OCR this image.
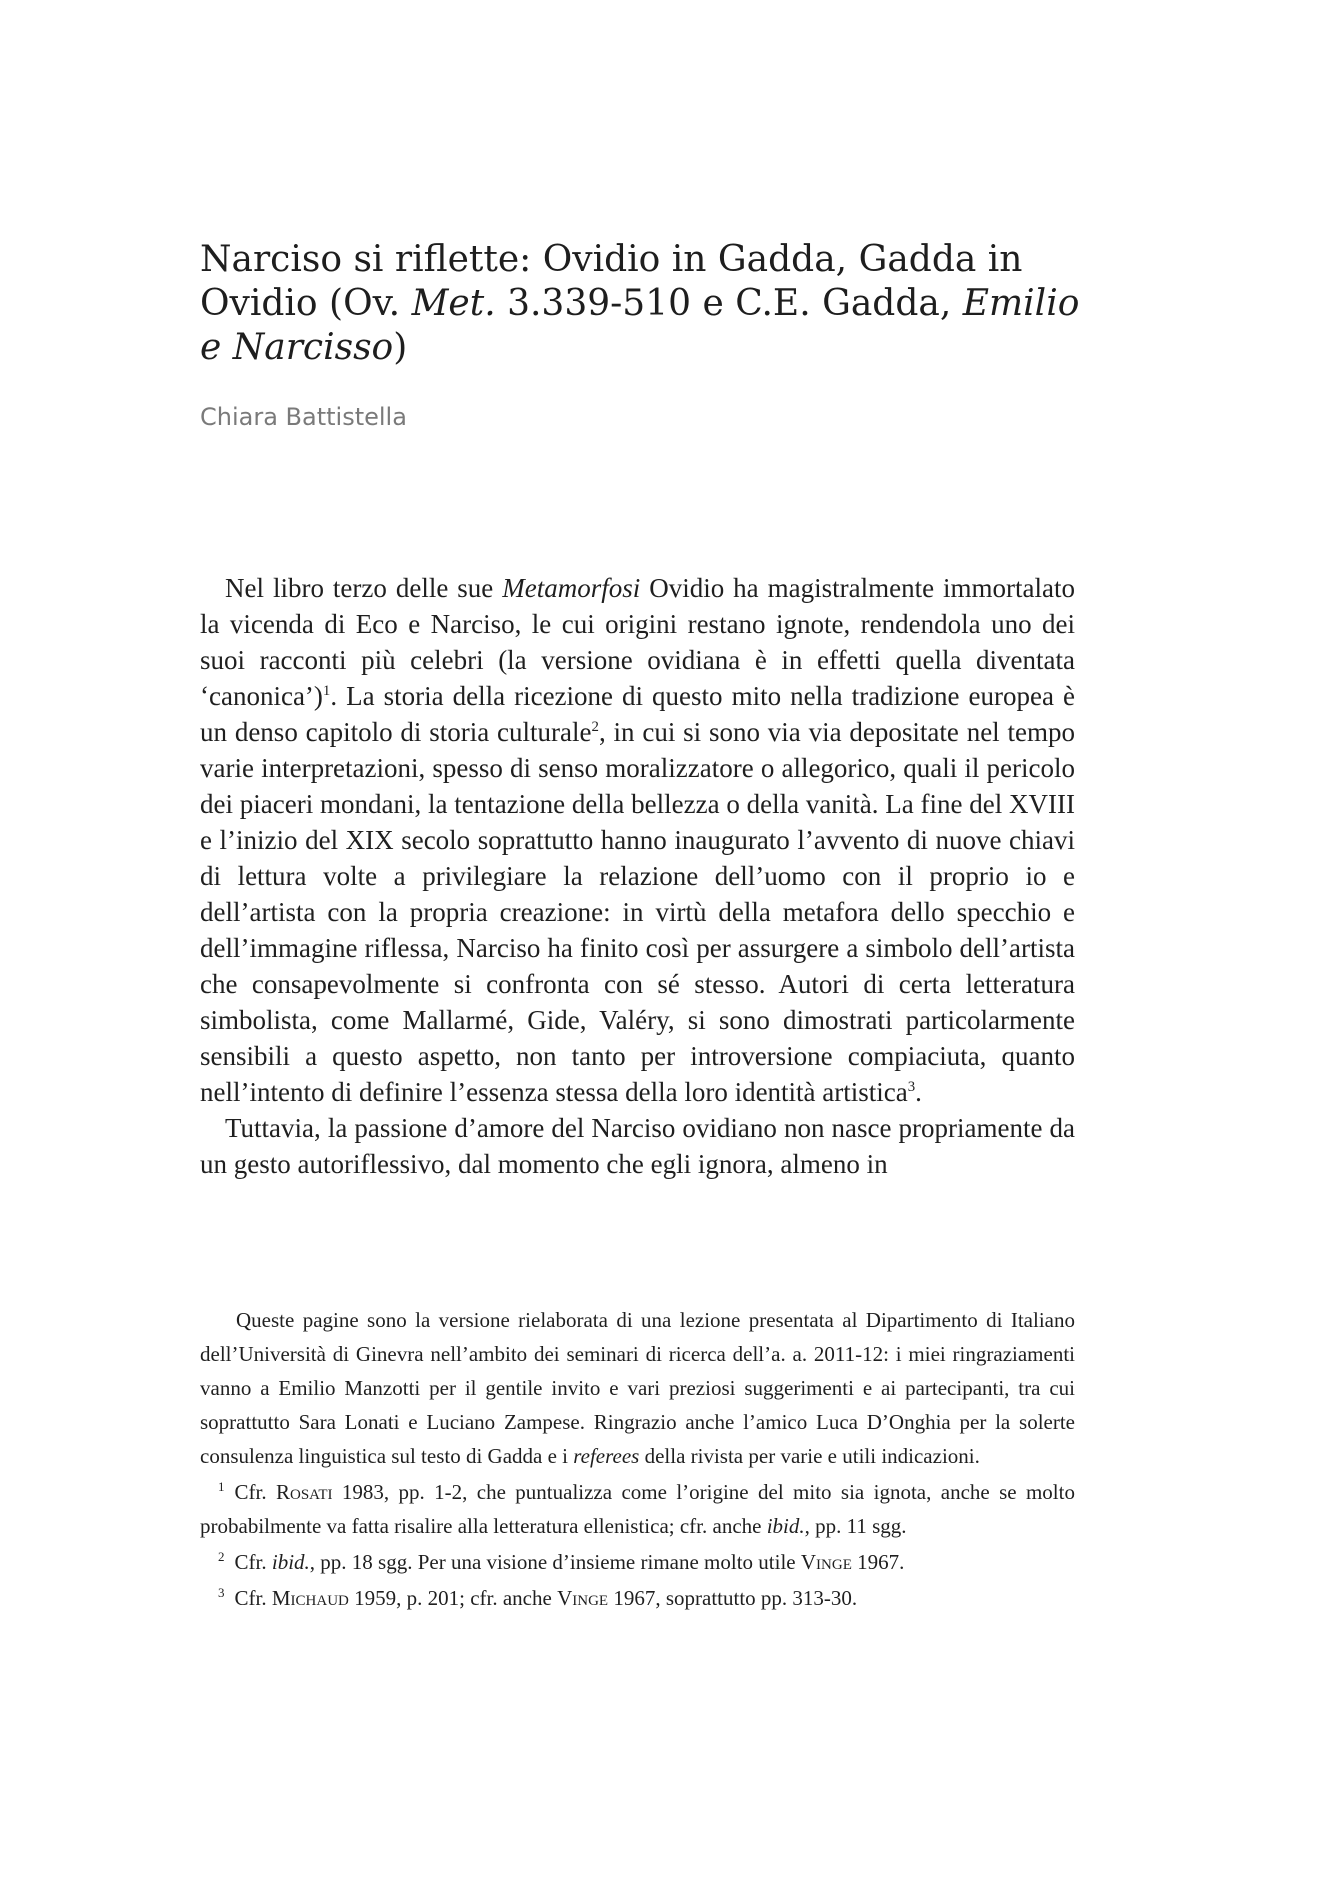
Narciso si riflette: Ovidio in Gadda, Gadda in Ovidio (Ov. Met. 3.339-510 e C.E. Gadda, Emilio e Narcisso)
Chiara Battistella

Nel libro terzo delle sue Metamorfosi Ovidio ha magistralmente immortalato la vicenda di Eco e Narciso, le cui origini restano ignote, rendendola uno dei suoi racconti più celebri (la versione ovidiana è in effetti quella diventata ‘canonica’)$^1$. La storia della ricezione di questo mito nella tradizione europea è un denso capitolo di storia culturale$^2$, in cui si sono via via depositate nel tempo varie interpretazioni, spesso di senso moralizzatore o allegorico, quali il pericolo dei piaceri mondani, la tentazione della bellezza o della vanità. La fine del XVIII e l’inizio del XIX secolo soprattutto hanno inaugurato l’avvento di nuove chiavi di lettura volte a privilegiare la relazione dell’uomo con il proprio io e dell’artista con la propria creazione: in virtù della metafora dello specchio e dell’immagine riflessa, Narciso ha finito così per assurgere a simbolo dell’artista che consapevolmente si confronta con sé stesso. Autori di certa letteratura simbolista, come Mallarmé, Gide, Valéry, si sono dimostrati particolarmente sensibili a questo aspetto, non tanto per introversione compiaciuta, quanto nell’intento di definire l’essenza stessa della loro identità artistica$^3$.

Tuttavia, la passione d’amore del Narciso ovidiano non nasce propriamente da un gesto autoriflessivo, dal momento che egli ignora, almeno in

Queste pagine sono la versione rielaborata di una lezione presentata al Dipartimento di Italiano dell’Università di Ginevra nell’ambito dei seminari di ricerca dell’a. a. 2011-12: i miei ringraziamenti vanno a Emilio Manzotti per il gentile invito e vari preziosi suggerimenti e ai partecipanti, tra cui soprattutto Sara Lonati e Luciano Zampese. Ringrazio anche l’amico Luca D’Onghia per la solerte consulenza linguistica sul testo di Gadda e i referees della rivista per varie e utili indicazioni.

$^1$ Cfr. Rosati 1983, pp. 1-2, che puntualizza come l’origine del mito sia ignota, anche se molto probabilmente va fatta risalire alla letteratura ellenistica; cfr. anche ibid., pp. 11 sgg.

$^2$ Cfr. ibid., pp. 18 sgg. Per una visione d’insieme rimane molto utile Vinge 1967.

$^3$ Cfr. Michaud 1959, p. 201; cfr. anche Vinge 1967, soprattutto pp. 313-30.
